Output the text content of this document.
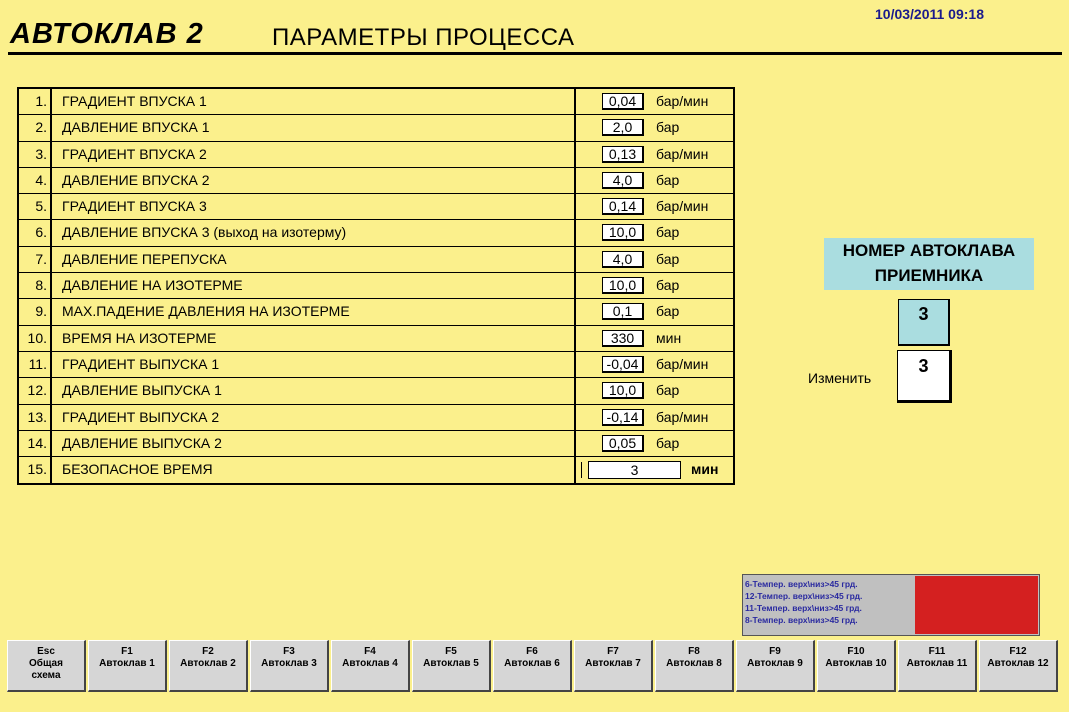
АВТОКЛАВ 2	ПАРАМЕТРЫ ПРОЦЕССА
10/03/2011 09:18
1.	ГРАДИЕНТ ВПУСКА 1	0,04	бар/мин
2.	ДАВЛЕНИЕ ВПУСКА 1	2,0	бар
3.	ГРАДИЕНТ ВПУСКА 2	0,13	бар/мин
4.	ДАВЛЕНИЕ ВПУСКА 2	4,0	бар
5.	ГРАДИЕНТ ВПУСКА 3	0,14	бар/мин
6.	ДАВЛЕНИЕ ВПУСКА 3 (выход на изотерму)	10,0	бар
7.	ДАВЛЕНИЕ ПЕРЕПУСКА	4,0	бар
8.	ДАВЛЕНИЕ НА ИЗОТЕРМЕ	10,0	бар
9.	МАХ.ПАДЕНИЕ ДАВЛЕНИЯ НА ИЗОТЕРМЕ	0,1	бар
10.	ВРЕМЯ НА ИЗОТЕРМЕ	330	мин
11.	ГРАДИЕНТ ВЫПУСКА 1	-0,04	бар/мин
12.	ДАВЛЕНИЕ ВЫПУСКА 1	10,0	бар
13.	ГРАДИЕНТ ВЫПУСКА 2	-0,14	бар/мин
14.	ДАВЛЕНИЕ ВЫПУСКА 2	0,05	бар
15.	БЕЗОПАСНОЕ ВРЕМЯ	3	мин
НОМЕР АВТОКЛАВА
ПРИЕМНИКА
3
Изменить
3
6-Темпер. верх\низ>45 грд.
12-Темпер. верх\низ>45 грд.
11-Темпер. верх\низ>45 грд.
8-Темпер. верх\низ>45 грд.
Esc
Общая
схема
F1
Автоклав 1
F2
Автоклав 2
F3
Автоклав 3
F4
Автоклав 4
F5
Автоклав 5
F6
Автоклав 6
F7
Автоклав 7
F8
Автоклав 8
F9
Автоклав 9
F10
Автоклав 10
F11
Автоклав 11
F12
Автоклав 12
